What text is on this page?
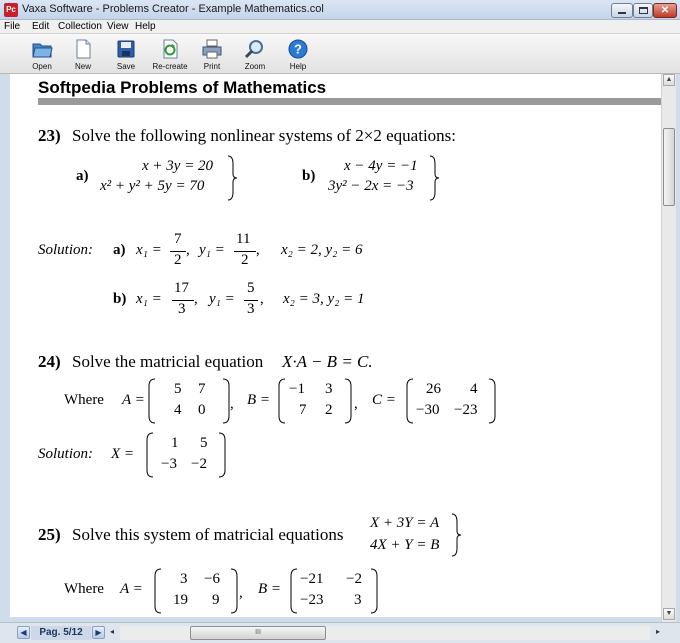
Pc Vaxa Software - Problems Creator - Example Mathematics.col	✕
File Edit Collection View Help
Open	New	Save	Re-create	Print	Zoom
?
Help
Softpedia Problems of Mathematics
23) Solve the following nonlinear systems of 2×2 equations:
a)
x + 3y = 20
x² + y² + 5y = 70
b)
x − 4y = −1
3y² − 2x = −3
Solution: a) x₁ =
7
2
, y₁ =
11
2
, x₂ = 2, y₂ = 6
b) x₁ =
17
3
, y₁ =
5
3
, x₂ = 3, y₂ = 1
24) Solve the matricial equation X·A − B = C.
Where A =
5 7
4 0 , B =
−1 3
7 2 , C =
26 4
−30 −23
Solution: X =
1 5
−3 −2
25) Solve this system of matricial equations
X + 3Y = A
4X + Y = B
Where A =
3 −6
19 9 , B =
−21 −2
−23 3
▲
▼
◀	Pag. 5/12	▶	◂	III	▸
